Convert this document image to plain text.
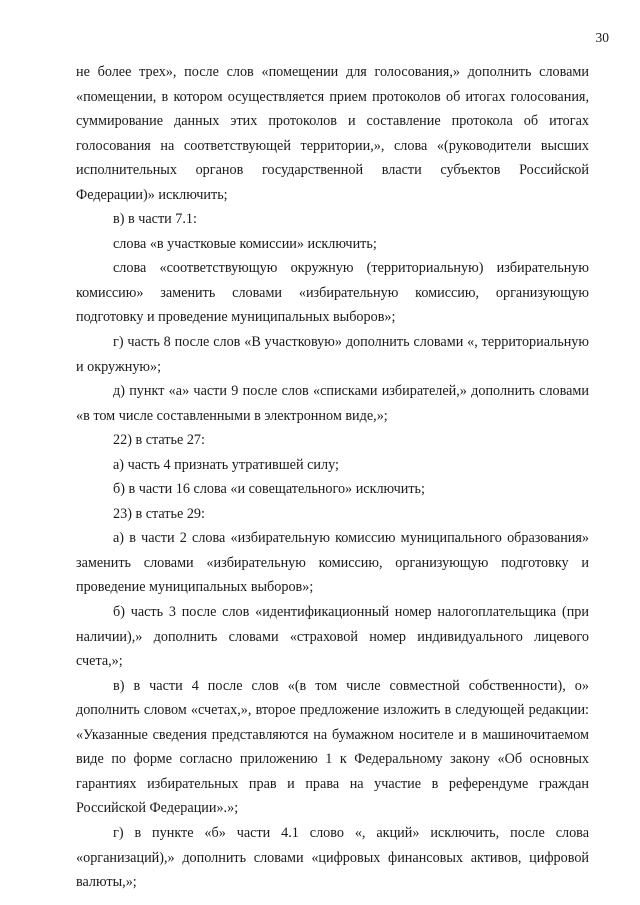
30

не более трех», после слов «помещении для голосования,» дополнить словами «помещении, в котором осуществляется прием протоколов об итогах голосования, суммирование данных этих протоколов и составление протокола об итогах голосования на соответствующей территории,», слова «(руководители высших исполнительных органов государственной власти субъектов Российской Федерации)» исключить;

в) в части 7.1:

слова «в участковые комиссии» исключить;

слова «соответствующую окружную (территориальную) избирательную комиссию» заменить словами «избирательную комиссию, организующую подготовку и проведение муниципальных выборов»;

г) часть 8 после слов «В участковую» дополнить словами «, территориальную и окружную»;

д) пункт «а» части 9 после слов «списками избирателей,» дополнить словами «в том числе составленными в электронном виде,»;

22) в статье 27:

а) часть 4 признать утратившей силу;

б) в части 16 слова «и совещательного» исключить;

23) в статье 29:

а) в части 2 слова «избирательную комиссию муниципального образования» заменить словами «избирательную комиссию, организующую подготовку и проведение муниципальных выборов»;

б) часть 3 после слов «идентификационный номер налогоплательщика (при наличии),» дополнить словами «страховой номер индивидуального лицевого счета,»;

в) в части 4 после слов «(в том числе совместной собственности), о» дополнить словом «счетах,», второе предложение изложить в следующей редакции: «Указанные сведения представляются на бумажном носителе и в машиночитаемом виде по форме согласно приложению 1 к Федеральному закону «Об основных гарантиях избирательных прав и права на участие в референдуме граждан Российской Федерации».»;

г) в пункте «б» части 4.1 слово «, акций» исключить, после слова «организаций),» дополнить словами «цифровых финансовых активов, цифровой валюты,»;
